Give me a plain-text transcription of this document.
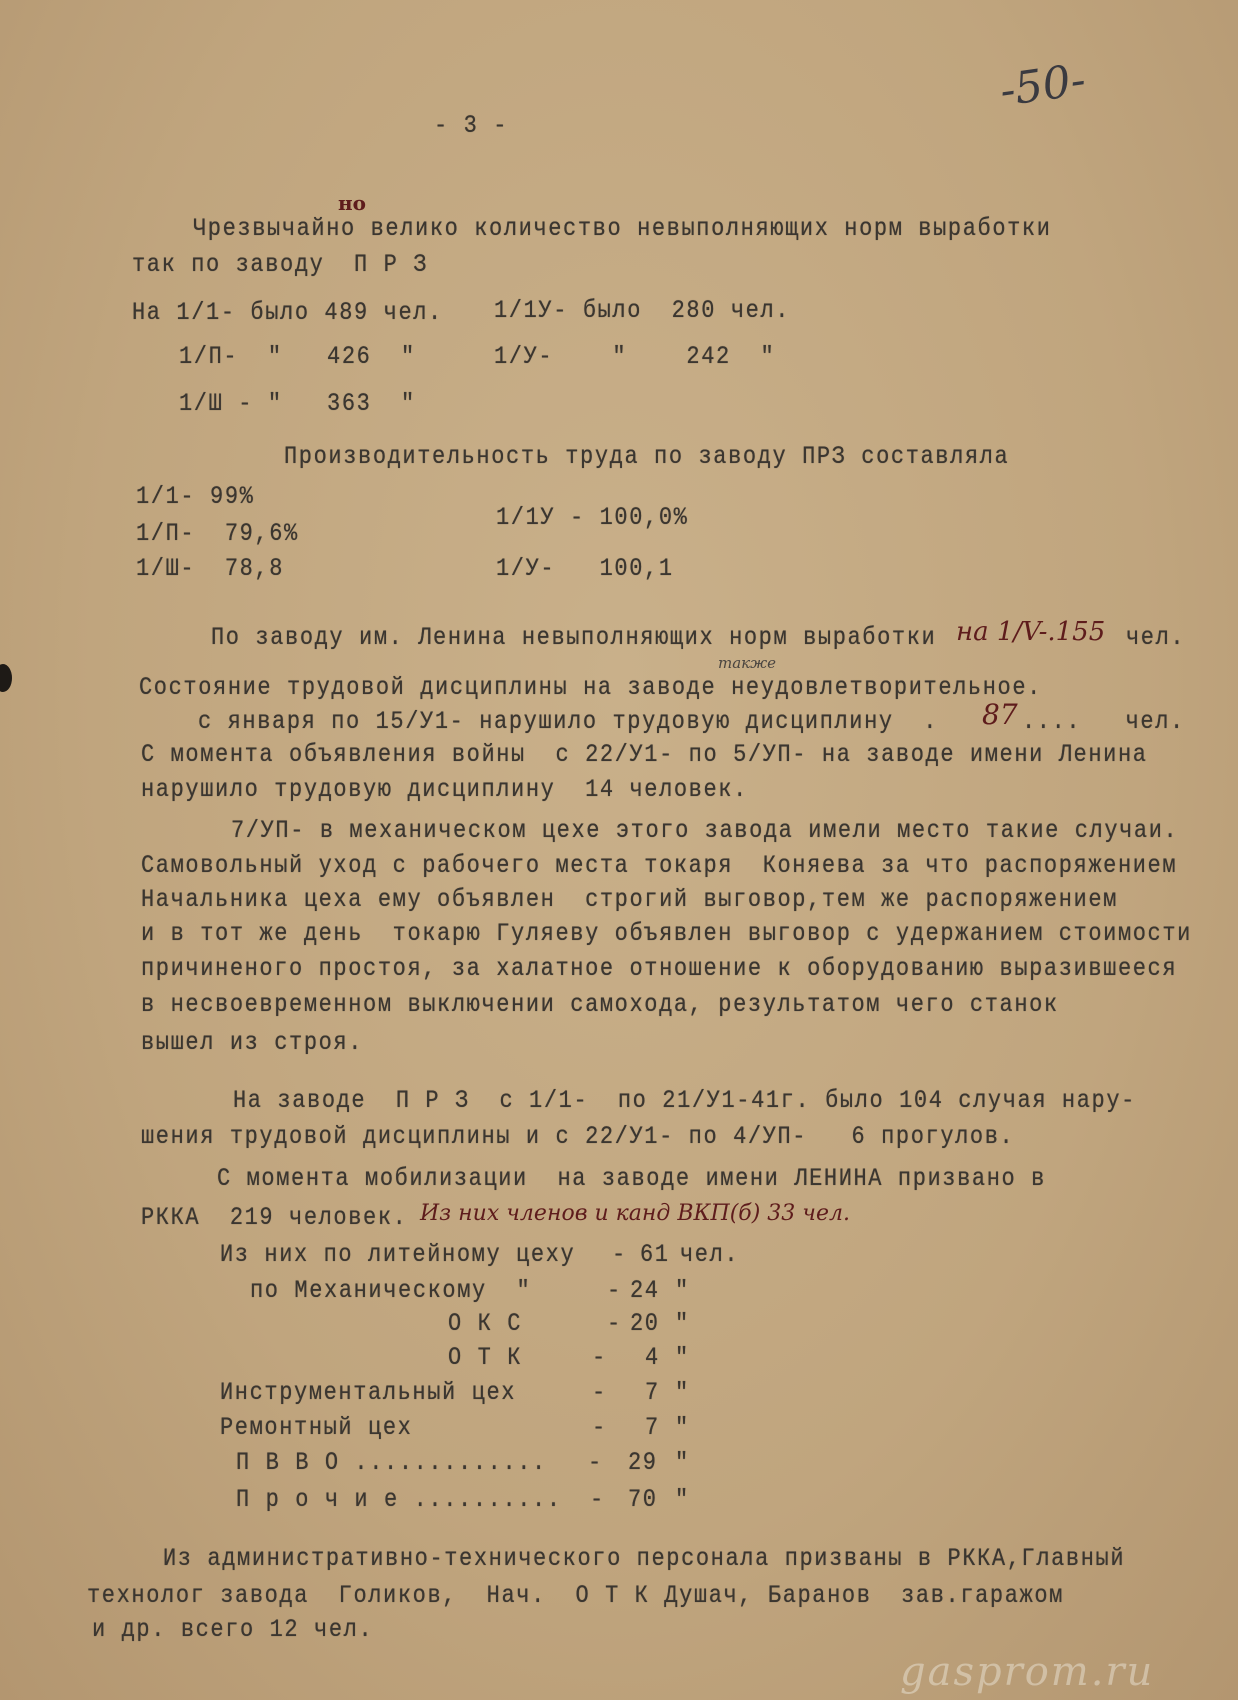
- 3 -
-50-
но
Чрезвычайно велико количество невыполняющих норм выработки
так по заводу  П Р З
На 1/1- было 489 чел.
1/П-  "   426  "
1/Ш - "   363  "
1/1У- было  280 чел.
1/У-    "    242  "
Производительность труда по заводу ПРЗ составляла
1/1- 99%
1/П-  79,6%
1/Ш-  78,8
1/1У - 100,0%
1/У-   100,1
По заводу им. Ленина невыполняющих норм выработки на 1/V-.155 чел.
также
Состояние трудовой дисциплины на заводе неудовлетворительное.
с января по 15/У1- нарушило трудовую дисциплину  . 87 ....   чел.
С момента объявления войны  с 22/У1- по 5/УП- на заводе имени Ленина
нарушило трудовую дисциплину  14 человек.
7/УП- в механическом цехе этого завода имели место такие случаи.
Самовольный уход с рабочего места токаря  Коняева за что распоряжением
Начальника цеха ему объявлен  строгий выговор,тем же распоряжением
и в тот же день  токарю Гуляеву объявлен выговор с удержанием стоимости
причиненого простоя, за халатное отношение к оборудованию выразившееся
в несвоевременном выключении самохода, результатом чего станок
вышел из строя.
На заводе  П Р З  с 1/1-  по 21/У1-41г. было 104 случая нару-
шения трудовой дисциплины и с 22/У1- по 4/УП-   6 прогулов.
С момента мобилизации  на заводе имени ЛЕНИНА призвано в
РККА  219 человек. Из них членов и канд ВКП(б) 33 чел.
Из них по литейному цеху - 61 чел.
по Механическому  "	- 24 "
О К С	- 20 "
О Т К	- 4 "
Инструментальный цех	- 7 "
Ремонтный цех	- 7 "
П В В О ............. - 29 "
П р о ч и е .......... - 70 "
Из административно-технического персонала призваны в РККА,Главный
технолог завода  Голиков,  Нач.  О Т К Душач, Баранов  зав.гаражом
и др. всего 12 чел.
gasprom.ru
